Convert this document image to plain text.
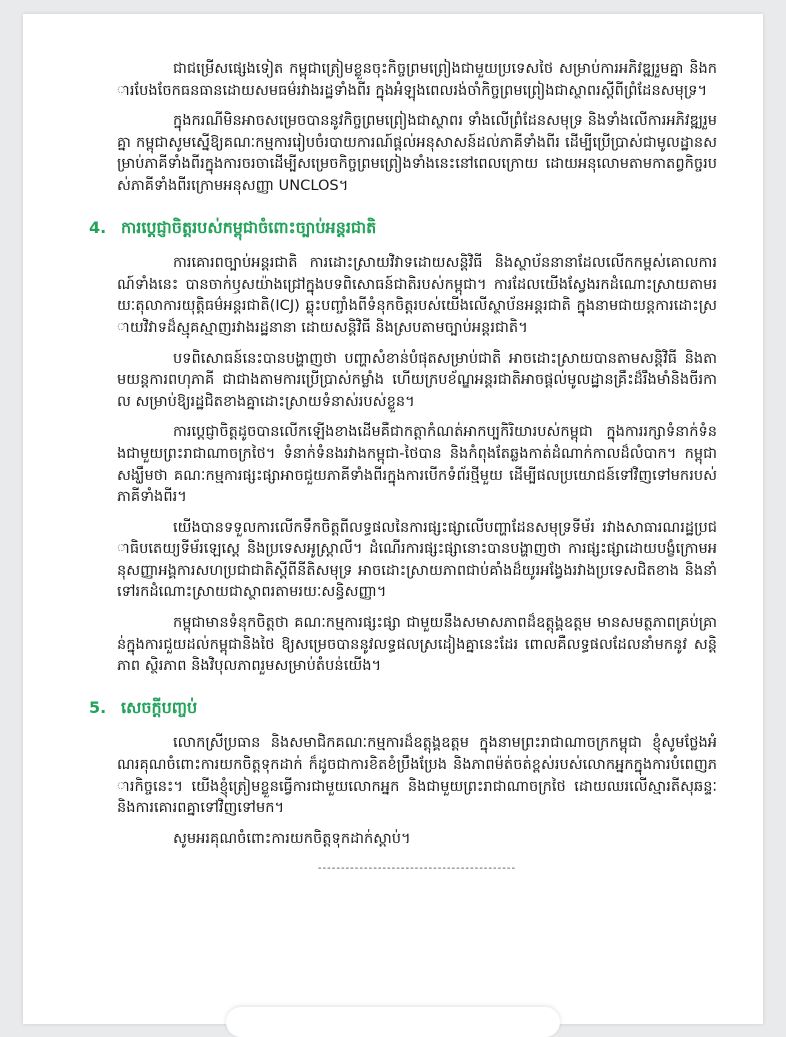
ជាជម្រើសផ្សេងទៀត កម្ពុជាត្រៀមខ្លួនចុះកិច្ចព្រមព្រៀងជាមួយប្រទេសថៃ សម្រាប់ការអភិវឌ្ឍរួមគ្នា និងការបែងចែកធនធានដោយសមធម៌រវាងរដ្ឋទាំងពីរ ក្នុងអំឡុងពេលរង់ចាំកិច្ចព្រមព្រៀងជាស្ថាពរស្តីពីព្រំដែនសមុទ្រ។

ក្នុងករណីមិនអាចសម្រេចបាននូវកិច្ចព្រមព្រៀងជាស្ថាពរ ទាំងលើព្រំដែនសមុទ្រ និងទាំងលើការអភិវឌ្ឍរួមគ្នា កម្ពុជាសូមស្នើឱ្យគណៈកម្មការរៀបចំរបាយការណ៍ផ្តល់អនុសាសន៍ដល់ភាគីទាំងពីរ ដើម្បីប្រើប្រាស់ជាមូលដ្ឋានសម្រាប់ភាគីទាំងពីរក្នុងការចរចាដើម្បីសម្រេចកិច្ចព្រមព្រៀងទាំងនេះនៅពេលក្រោយ ដោយអនុលោមតាមកាតព្វកិច្ចរបស់ភាគីទាំងពីរក្រោមអនុសញ្ញា UNCLOS។

4. ការប្តេជ្ញាចិត្តរបស់កម្ពុជាចំពោះច្បាប់អន្តរជាតិ

ការគោរពច្បាប់អន្តរជាតិ ការដោះស្រាយវិវាទដោយសន្តិវិធី និងស្ថាប័ននានាដែលលើកកម្ពស់គោលការណ៍ទាំងនេះ បានចាក់ឫសយ៉ាងជ្រៅក្នុងបទពិសោធន៍ជាតិរបស់កម្ពុជា។ ការដែលយើងស្វែងរកដំណោះស្រាយតាមរយៈតុលាការយុត្តិធម៌អន្តរជាតិ(ICJ) ឆ្លុះបញ្ចាំងពីទំនុកចិត្តរបស់យើងលើស្ថាប័នអន្តរជាតិ ក្នុងនាមជាយន្តការដោះស្រាយវិវាទដ៏ស្មុគស្មាញរវាងរដ្ឋនានា ដោយសន្តិវិធី និងស្របតាមច្បាប់អន្តរជាតិ។

បទពិសោធន៍នេះបានបង្ហាញថា បញ្ហាសំខាន់បំផុតសម្រាប់ជាតិ អាចដោះស្រាយបានតាមសន្តិវិធី និងតាមយន្តការពហុភាគី ជាជាងតាមការប្រើប្រាស់កម្លាំង ហើយក្របខ័ណ្ឌអន្តរជាតិអាចផ្តល់មូលដ្ឋានគ្រឹះដ៏រឹងមាំនិងចីរកាល សម្រាប់ឱ្យរដ្ឋជិតខាងគ្នាដោះស្រាយទំនាស់របស់ខ្លួន។

ការប្តេជ្ញាចិត្តដូចបានលើកឡើងខាងដើមគឺជាកត្តាកំណត់អាកប្បកិរិយារបស់កម្ពុជា ក្នុងការរក្សាទំនាក់ទំនងជាមួយព្រះរាជាណាចក្រថៃ។ ទំនាក់ទំនងរវាងកម្ពុជា-ថៃបាន និងកំពុងតែឆ្លងកាត់ដំណាក់កាលដ៏លំបាក។ កម្ពុជាសង្ឃឹមថា គណៈកម្មការផ្សះផ្សាអាចជួយភាគីទាំងពីរក្នុងការបើកទំព័រថ្មីមួយ ដើម្បីផលប្រយោជន៍ទៅវិញទៅមករបស់ភាគីទាំងពីរ។

យើងបានទទួលការលើកទឹកចិត្តពីលទ្ធផលនៃការផ្សះផ្សាលើបញ្ហាដែនសមុទ្រទីម័រ រវាងសាធារណរដ្ឋប្រជាធិបតេយ្យទីម័រឡេស្តេ និងប្រទេសអូស្ត្រាលី។ ដំណើរការផ្សះផ្សានោះបានបង្ហាញថា ការផ្សះផ្សាដោយបង្ខំក្រោមអនុសញ្ញាអង្គការសហប្រជាជាតិស្តីពីនីតិសមុទ្រ អាចដោះស្រាយភាពជាប់គាំងដ៏យូរអង្វែងរវាងប្រទេសជិតខាង និងនាំទៅរកដំណោះស្រាយជាស្ថាពរតាមរយៈសន្ធិសញ្ញា។

កម្ពុជាមានទំនុកចិត្តថា គណៈកម្មការផ្សះផ្សា ជាមួយនឹងសមាសភាពដ៏ឧត្តុង្គឧត្តម មានសមត្ថភាពគ្រប់គ្រាន់ក្នុងការជួយដល់កម្ពុជានិងថៃ ឱ្យសម្រេចបាននូវលទ្ធផលស្រដៀងគ្នានេះដែរ ពោលគឺលទ្ធផលដែលនាំមកនូវ សន្តិភាព ស្ថិរភាព និងវិបុលភាពរួមសម្រាប់តំបន់យើង។

5. សេចក្តីបញ្ចប់

លោកស្រីប្រធាន និងសមាជិកគណៈកម្មការដ៏ឧត្តុង្គឧត្តម ក្នុងនាមព្រះរាជាណាចក្រកម្ពុជា ខ្ញុំសូមថ្លែងអំណរគុណចំពោះការយកចិត្តទុកដាក់ ក៏ដូចជាការខិតខំប្រឹងប្រែង និងភាពម៉ត់ចត់ខ្ពស់របស់លោកអ្នកក្នុងការបំពេញភារកិច្ចនេះ។ យើងខ្ញុំត្រៀមខ្លួនធ្វើការជាមួយលោកអ្នក និងជាមួយព្រះរាជាណាចក្រថៃ ដោយឈរលើស្មារតីសុឆន្ទៈ និងការគោរពគ្នាទៅវិញទៅមក។

សូមអរគុណចំពោះការយកចិត្តទុកដាក់ស្តាប់។

-------------------------------------------
